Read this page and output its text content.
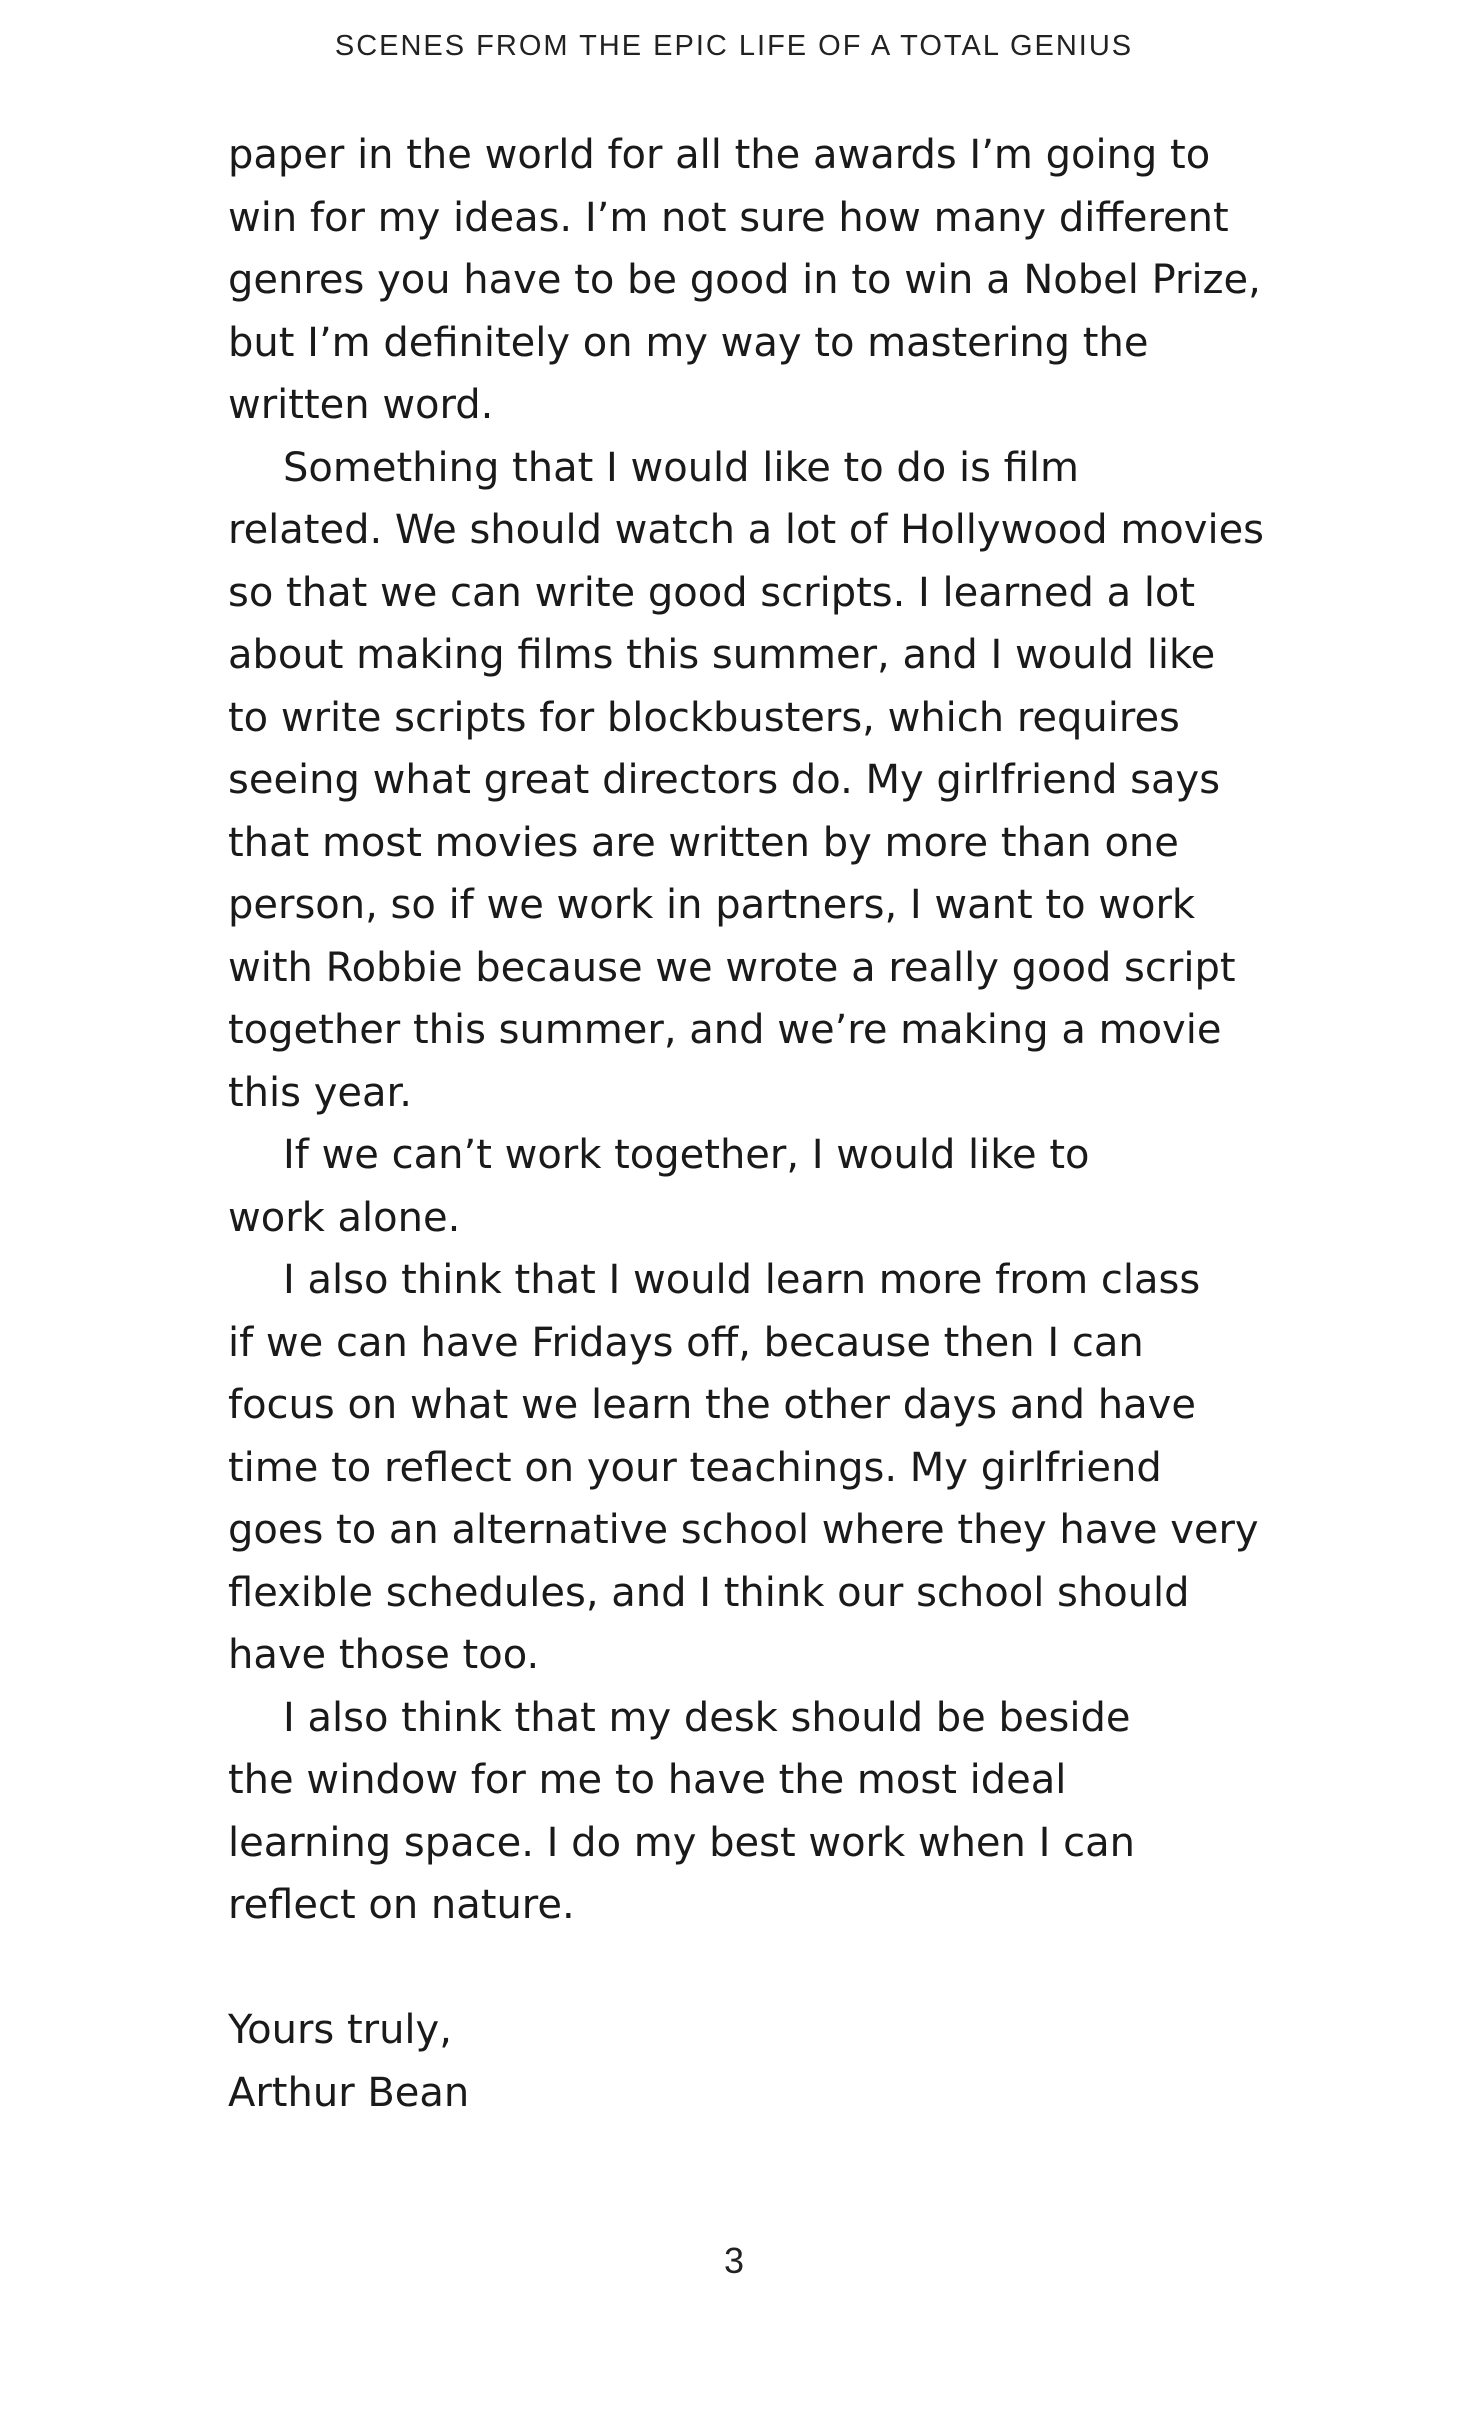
SCENES FROM THE EPIC LIFE OF A TOTAL GENIUS
paper in the world for all the awards I’m going to
win for my ideas. I’m not sure how many different
genres you have to be good in to win a Nobel Prize,
but I’m definitely on my way to mastering the
written word.
Something that I would like to do is film
related. We should watch a lot of Hollywood movies
so that we can write good scripts. I learned a lot
about making films this summer, and I would like
to write scripts for blockbusters, which requires
seeing what great directors do. My girlfriend says
that most movies are written by more than one
person, so if we work in partners, I want to work
with Robbie because we wrote a really good script
together this summer, and we’re making a movie
this year.
If we can’t work together, I would like to
work alone.
I also think that I would learn more from class
if we can have Fridays off, because then I can
focus on what we learn the other days and have
time to reflect on your teachings. My girlfriend
goes to an alternative school where they have very
flexible schedules, and I think our school should
have those too.
I also think that my desk should be beside
the window for me to have the most ideal
learning space. I do my best work when I can
reflect on nature.
Yours truly,
Arthur Bean
3
